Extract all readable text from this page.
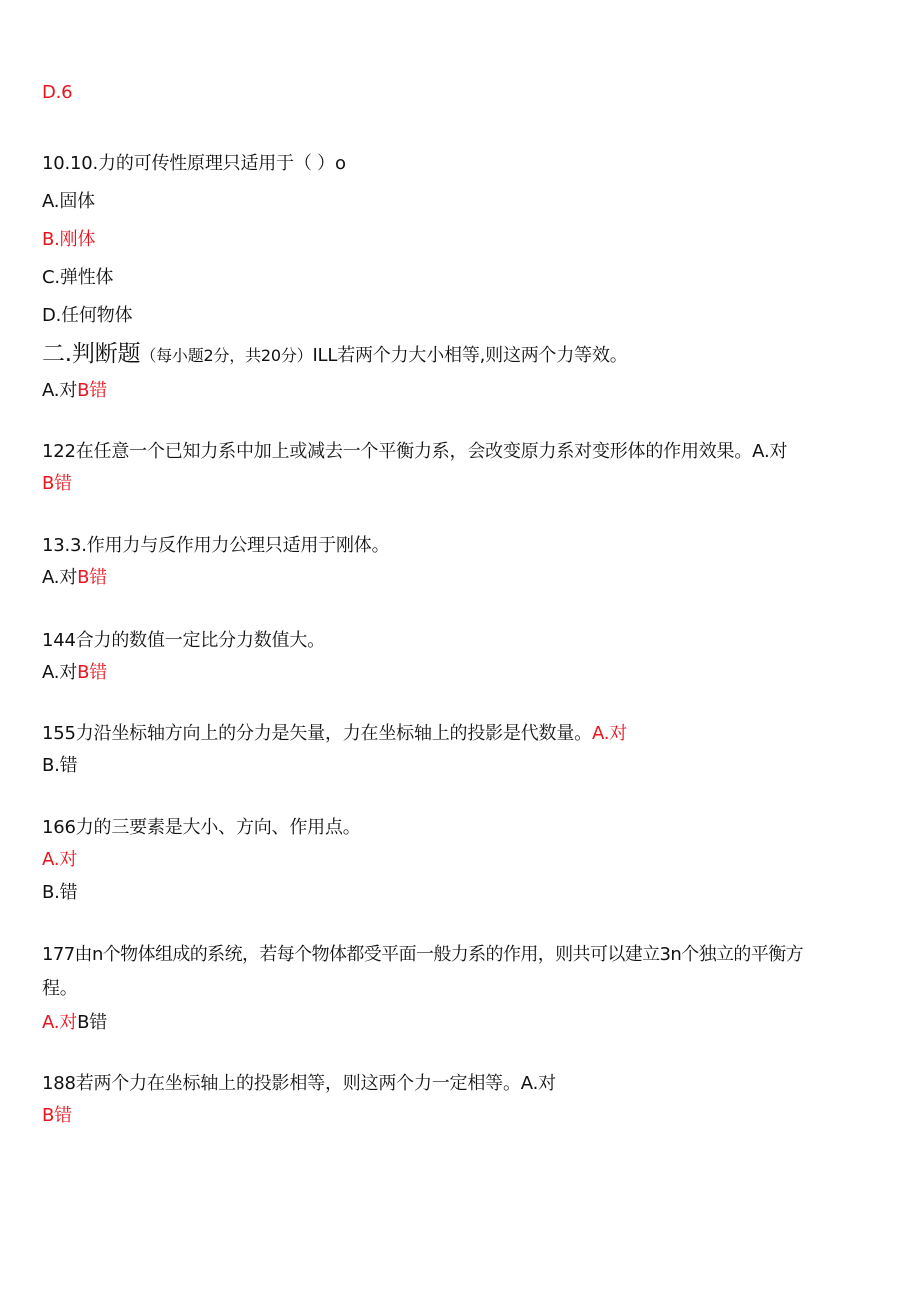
D.6
10.10.力的可传性原理只适用于（ ）o
A.固体
B.刚体
C.弹性体
D.任何物体
二.判断题（每小题2分，共20分）ILL若两个力大小相等,则这两个力等效。
A.对B错
122在任意一个已知力系中加上或减去一个平衡力系，会改变原力系对变形体的作用效果。A.对
B错
13.3.作用力与反作用力公理只适用于刚体。
A.对B错
144合力的数值一定比分力数值大。
A.对B错
155力沿坐标轴方向上的分力是矢量，力在坐标轴上的投影是代数量。A.对
B.错
166力的三要素是大小、方向、作用点。
A.对
B.错
177由n个物体组成的系统，若每个物体都受平面一般力系的作用，则共可以建立3n个独立的平衡方
程。
A.对B错
188若两个力在坐标轴上的投影相等，则这两个力一定相等。A.对
B错
